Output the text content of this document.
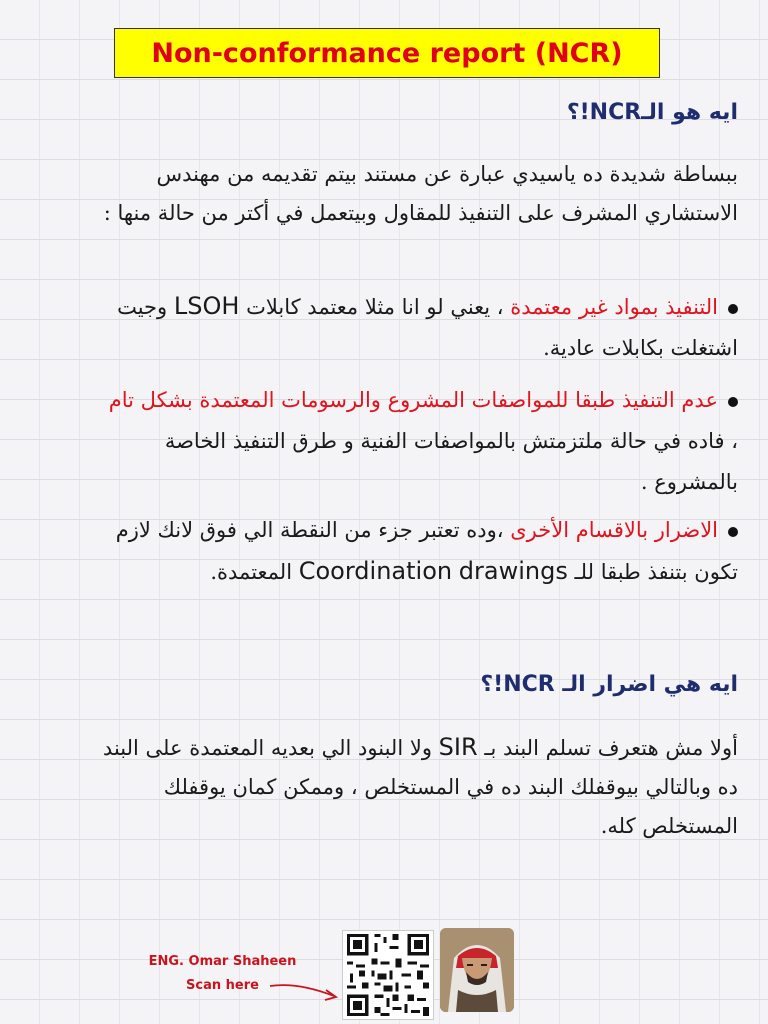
Non-conformance report (NCR)
ايه هو الـNCR!؟
ببساطة شديدة ده ياسيدي عبارة عن مستند بيتم تقديمه من مهندس الاستشاري المشرف على التنفيذ للمقاول وبيتعمل في أكتر من حالة منها :
التنفيذ بمواد غير معتمدة ، يعني لو انا مثلا معتمد كابلات LSOH وجيت اشتغلت بكابلات عادية.
عدم التنفيذ طبقا للمواصفات المشروع والرسومات المعتمدة بشكل تام ، فاده في حالة ملتزمتش بالمواصفات الفنية و طرق التنفيذ الخاصة بالمشروع .
الاضرار بالاقسام الأخرى ،وده تعتبر جزء من النقطة الي فوق لانك لازم تكون بتنفذ طبقا للـ Coordination drawings المعتمدة.
ايه هي اضرار الـ NCR!؟
أولا مش هتعرف تسلم البند بـ SIR ولا البنود الي بعديه المعتمدة على البند ده وبالتالي بيوقفلك البند ده في المستخلص ، وممكن كمان يوقفلك المستخلص كله.
ENG. Omar Shaheen
Scan here
